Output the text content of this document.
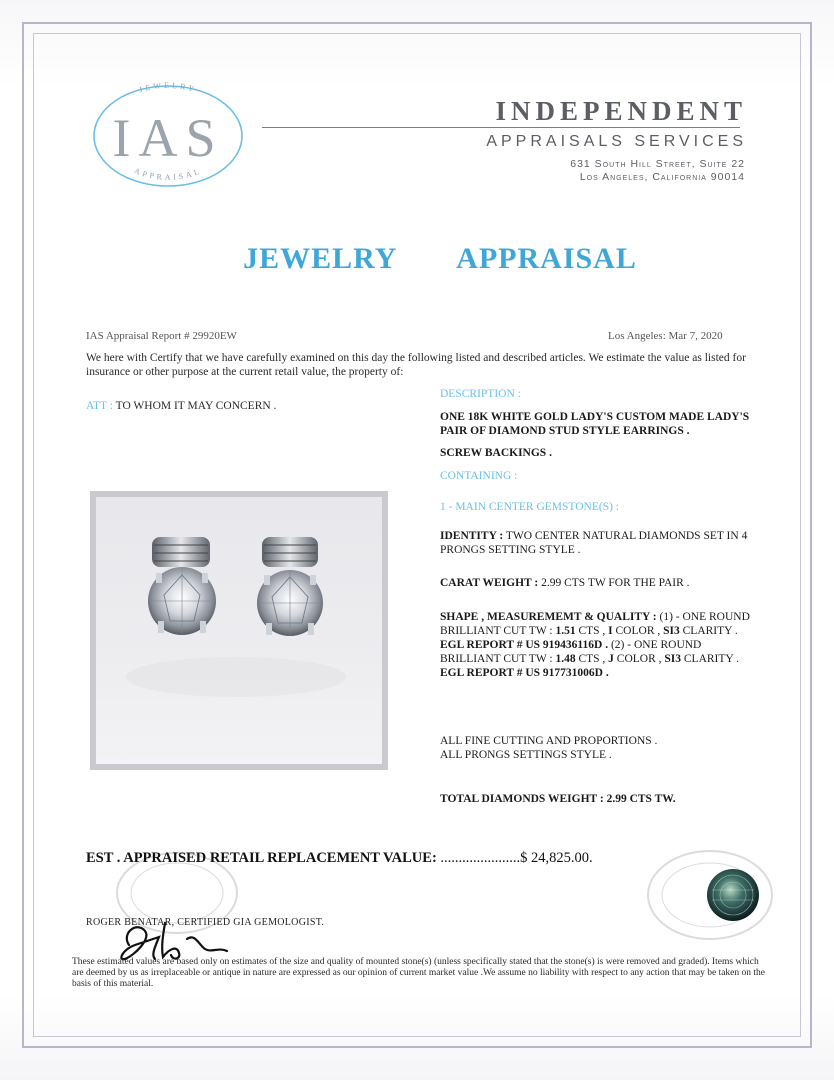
JEWELRY
APPRAISAL
IAS	INDEPENDENT
APPRAISALS SERVICES
631 South Hill Street, Suite 22
Los Angeles, California 90014
JEWELRY   APPRAISAL
IAS Appraisal Report # 29920EW	Los Angeles: Mar 7, 2020
We here with Certify that we have carefully examined on this day the following listed and described articles. We estimate the value as listed for insurance or other purpose at the current retail value, the property of:
ATT : TO WHOM IT MAY CONCERN .
DESCRIPTION :
ONE 18K WHITE GOLD LADY'S CUSTOM MADE LADY'S
PAIR OF DIAMOND STUD STYLE EARRINGS .
SCREW BACKINGS .
CONTAINING :
1 - MAIN CENTER GEMSTONE(S) :
IDENTITY : TWO CENTER NATURAL DIAMONDS SET IN 4
PRONGS SETTING STYLE .
CARAT WEIGHT : 2.99 CTS TW FOR THE PAIR .
SHAPE , MEASUREMEMT & QUALITY : (1) - ONE ROUND
BRILLIANT CUT TW : 1.51 CTS , I COLOR , SI3 CLARITY .
EGL REPORT # US 919436116D . (2) - ONE ROUND
BRILLIANT CUT TW : 1.48 CTS , J COLOR , SI3 CLARITY .
EGL REPORT # US 917731006D .
ALL FINE CUTTING AND PROPORTIONS .
ALL PRONGS SETTINGS STYLE .
TOTAL DIAMONDS WEIGHT : 2.99 CTS TW.
EST . APPRAISED RETAIL REPLACEMENT VALUE: ......................$ 24,825.00.
ROGER BENATAR, CERTIFIED GIA GEMOLOGIST.
These estimated values are based only on estimates of the size and quality of mounted stone(s) (unless specifically stated that the stone(s) is were removed and graded). Items which are deemed by us as irreplaceable or antique in nature are expressed as our opinion of current market value .We assume no liability with respect to any action that may be taken on the basis of this material.
